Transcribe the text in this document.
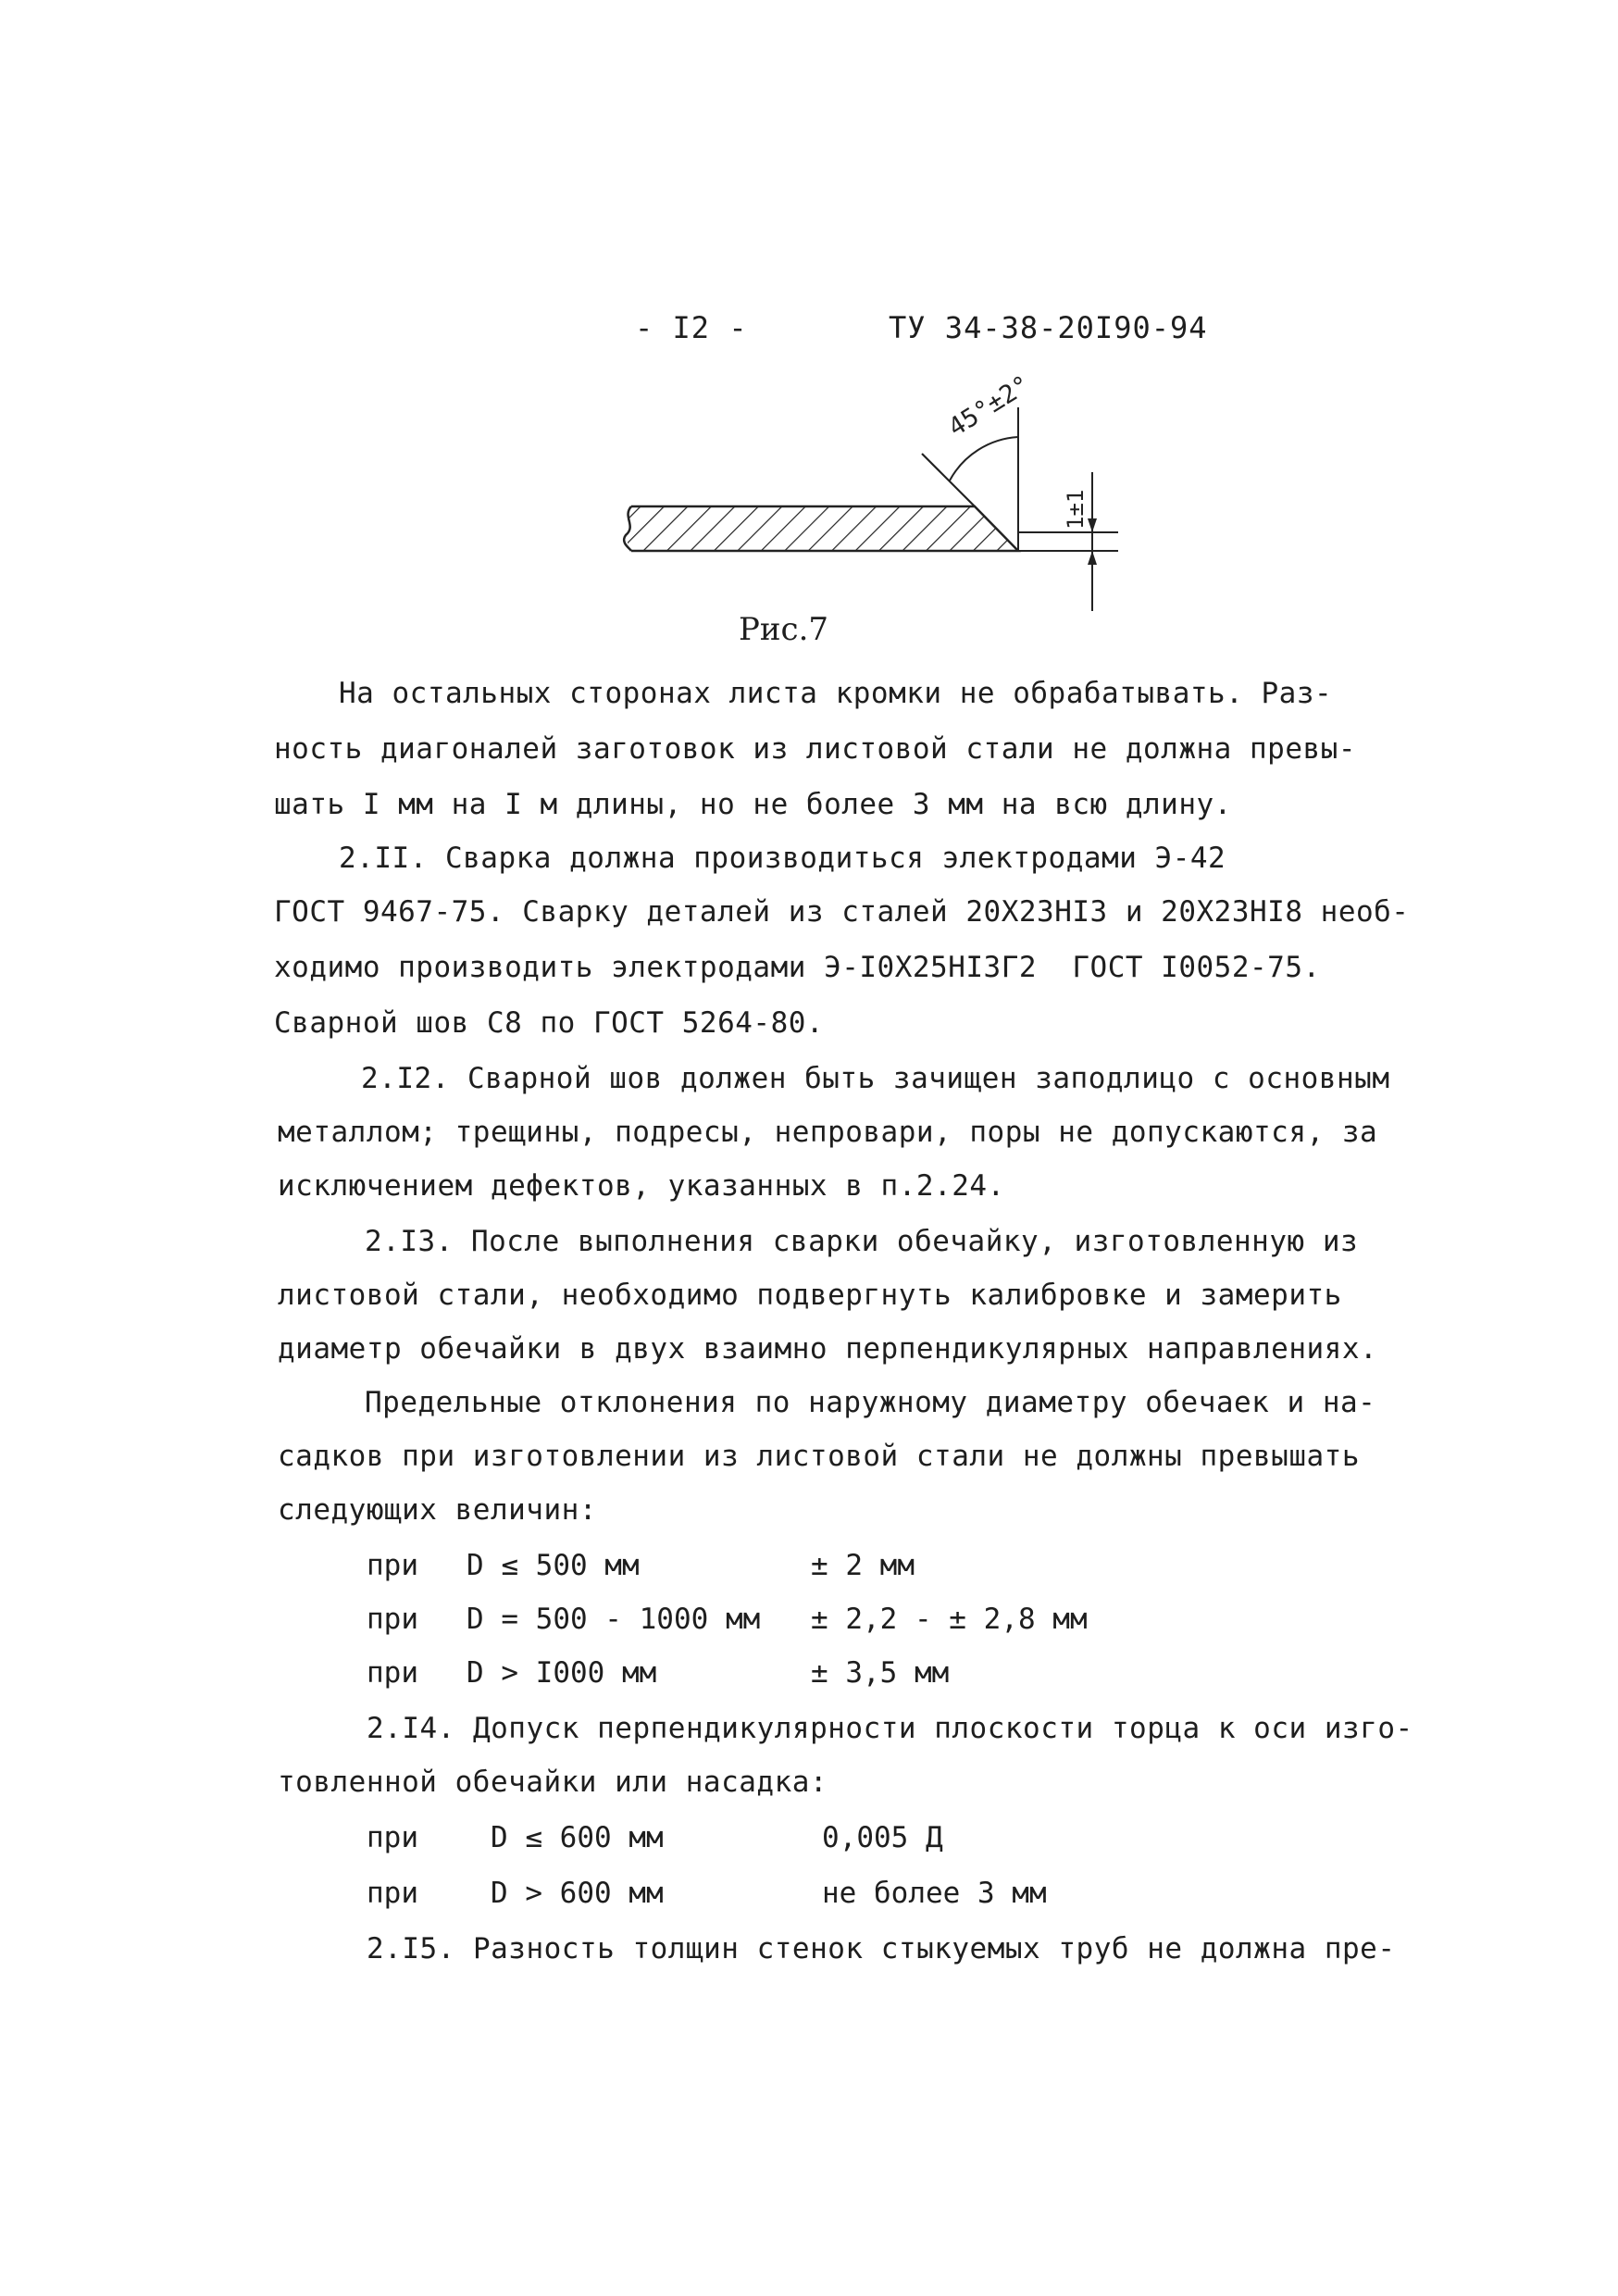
- I2 -	ТУ 34-38-20I90-94
45°±2°
1±1
Рис.7
На остальных сторонах листа кромки не обрабатывать. Раз-
ность диагоналей заготовок из листовой стали не должна превы-
шать I мм на I м длины, но не более 3 мм на всю длину.
2.II. Сварка должна производиться электродами Э-42
ГОСТ 9467-75. Сварку деталей из сталей 20Х23НI3 и 20Х23НI8 необ-
ходимо производить электродами Э-I0Х25НI3Г2  ГОСТ I0052-75.
Сварной шов С8 по ГОСТ 5264-80.
2.I2. Сварной шов должен быть зачищен заподлицо с основным
металлом; трещины, подресы, непровари, поры не допускаются, за
исключением дефектов, указанных в п.2.24.
2.I3. После выполнения сварки обечайку, изготовленную из
листовой стали, необходимо подвергнуть калибровке и замерить
диаметр обечайки в двух взаимно перпендикулярных направлениях.
Предельные отклонения по наружному диаметру обечаек и на-
садков при изготовлении из листовой стали не должны превышать
следующих величин:
при D ≤ 500 мм	± 2 мм
при D = 500 - 1000 мм ± 2,2 - ± 2,8 мм
при D > I000 мм	± 3,5 мм
2.I4. Допуск перпендикулярности плоскости торца к оси изго-
товленной обечайки или насадка:
при	D ≤ 600 мм	0,005 Д
при	D > 600 мм	не более 3 мм
2.I5. Разность толщин стенок стыкуемых труб не должна пре-
